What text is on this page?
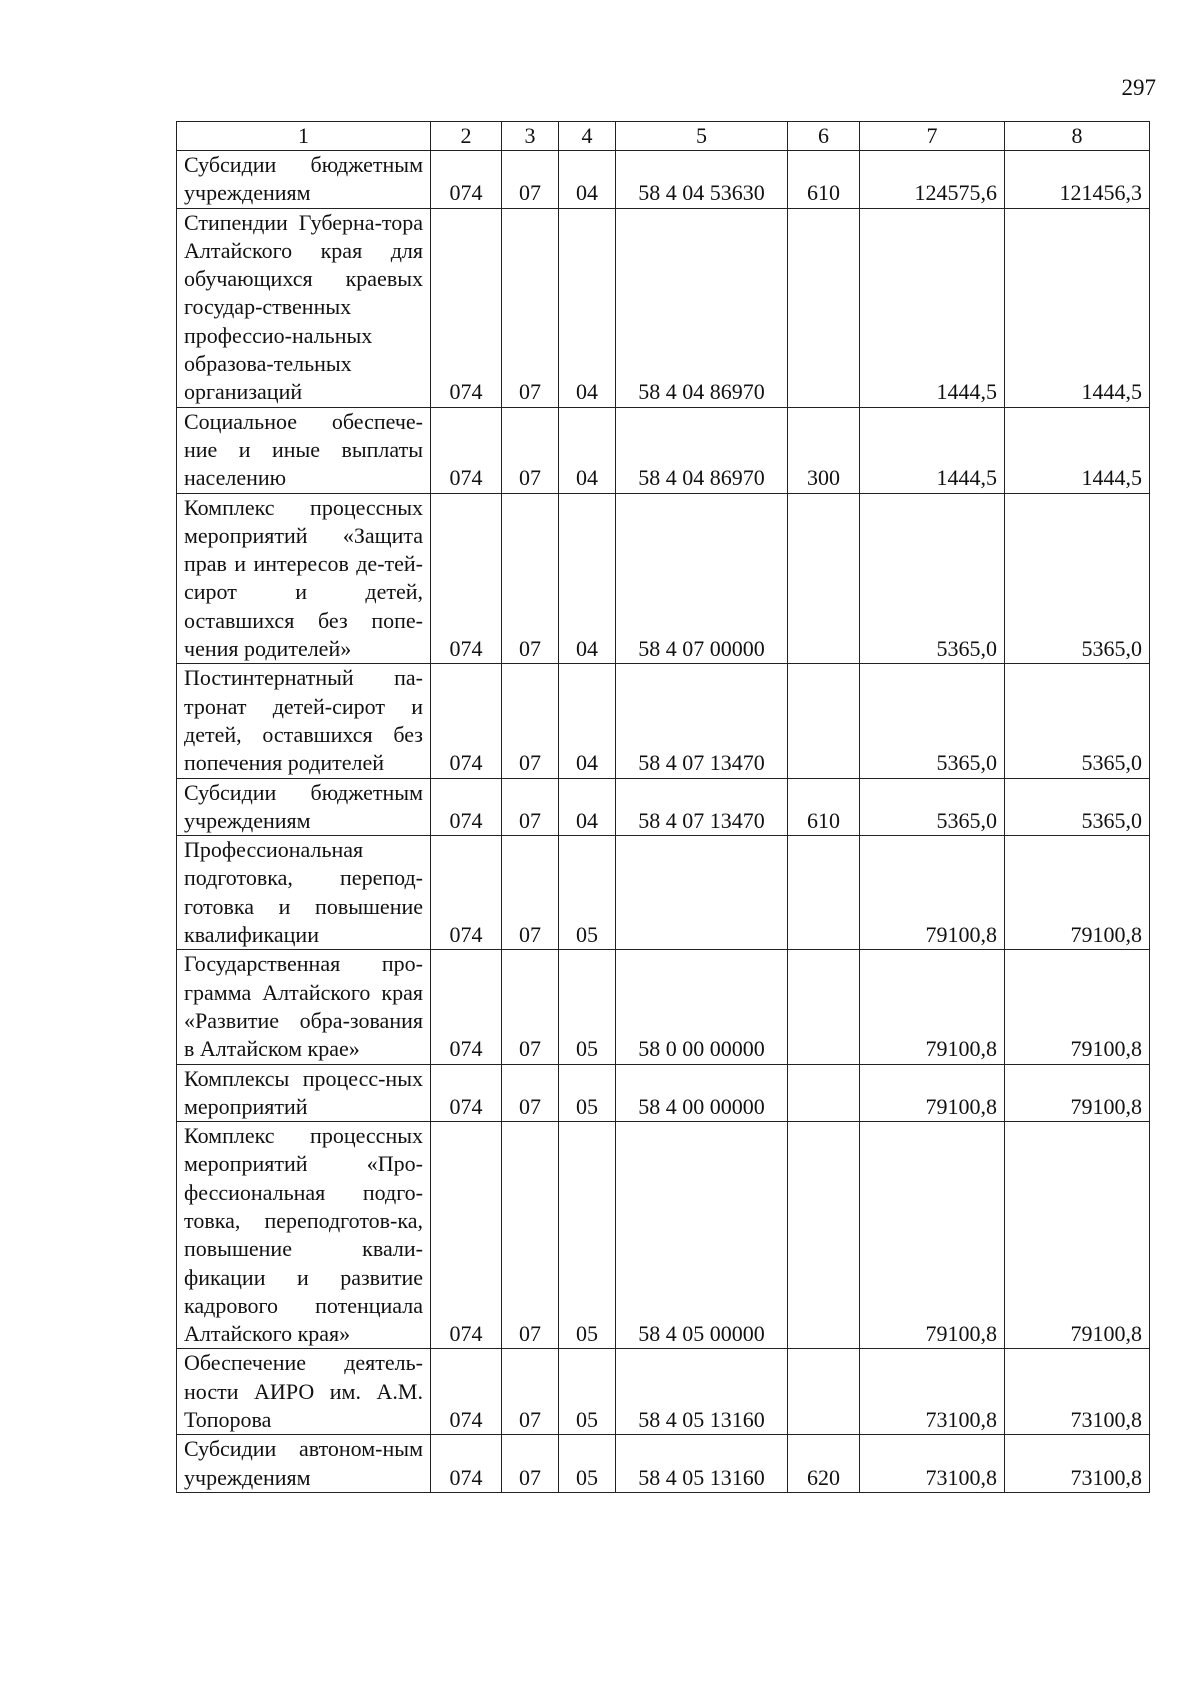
297
1	2	3	4	5	6	7	8
Субсидии бюджетным учреждениям	074	07	04	58 4 04 53630	610	124575,6	121456,3
Стипендии Губерна-тора Алтайского края для обучающихся краевых государ-ственных профессио-нальных образова-тельных организаций	074	07	04	58 4 04 86970		1444,5	1444,5
Социальное обеспече-ние и иные выплаты населению	074	07	04	58 4 04 86970	300	1444,5	1444,5
Комплекс процессных мероприятий «Защита прав и интересов де-тей-сирот и детей, оставшихся без попе-чения родителей»	074	07	04	58 4 07 00000		5365,0	5365,0
Постинтернатный па-тронат детей-сирот и детей, оставшихся без попечения родителей	074	07	04	58 4 07 13470		5365,0	5365,0
Субсидии бюджетным учреждениям	074	07	04	58 4 07 13470	610	5365,0	5365,0
Профессиональная подготовка, перепод-готовка и повышение квалификации	074	07	05			79100,8	79100,8
Государственная про-грамма Алтайского края «Развитие обра-зования в Алтайском крае»	074	07	05	58 0 00 00000		79100,8	79100,8
Комплексы процесс-ных мероприятий	074	07	05	58 4 00 00000		79100,8	79100,8
Комплекс процессных мероприятий «Про-фессиональная подго-товка, переподготов-ка, повышение квали-фикации и развитие кадрового потенциала Алтайского края»	074	07	05	58 4 05 00000		79100,8	79100,8
Обеспечение деятель-ности АИРО им. А.М. Топорова	074	07	05	58 4 05 13160		73100,8	73100,8
Субсидии автоном-ным учреждениям	074	07	05	58 4 05 13160	620	73100,8	73100,8
